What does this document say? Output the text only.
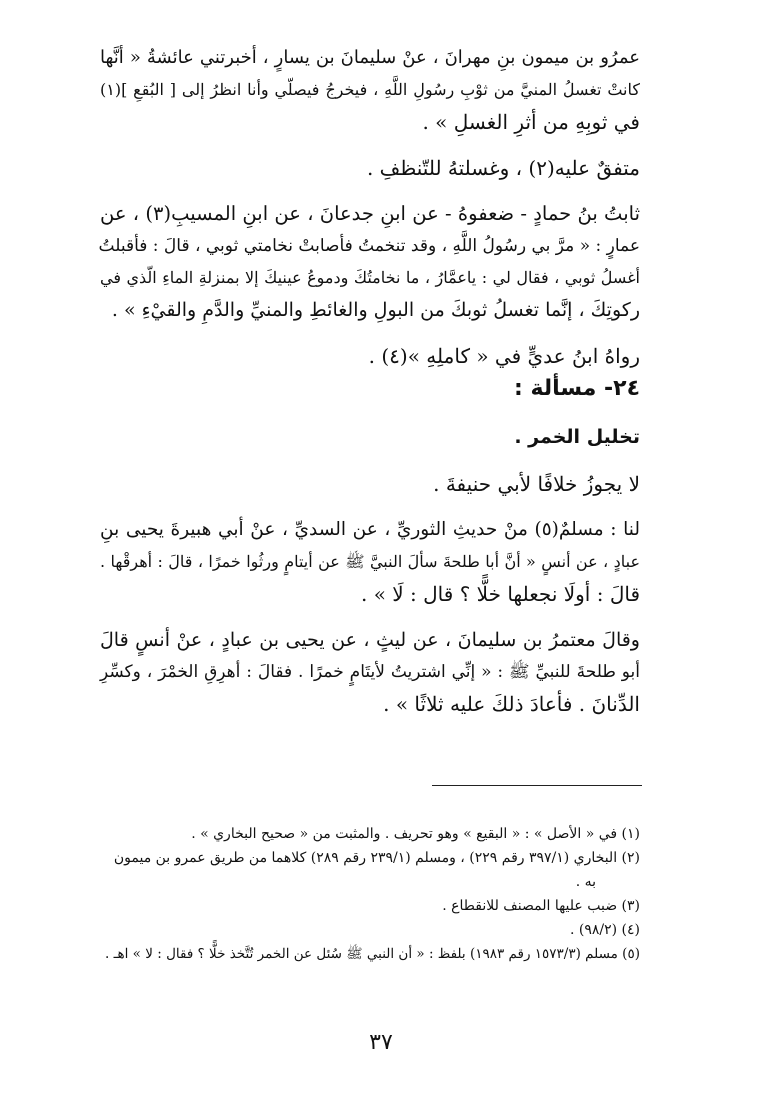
عمرُو بن ميمون بنِ مهرانَ ، عنْ سليمانَ بن يسارٍ ، أخبرتني عائشةُ « أنَّها
كانتْ تغسلُ المنيَّ من ثوْبِ رسُولِ اللَّهِ ، فيخرجُ فيصلّي وأنا انظرُ إلى [ البُقعِ ](١)
في ثوبِهِ من أثرِ الغسلِ » .
متفقٌ عليه(٢) ، وغسلتهُ للتّنظفِ .
ثابتُ بنُ حمادٍ - ضعفوهُ - عن ابنِ جدعانَ ، عن ابنِ المسيبِ(٣) ، عن
عمارٍ : « مرَّ بي رسُولُ اللَّهِ ، وقد تنخمتُ فأصابتْ نخامتي ثوبي ، قالَ : فأقبلتُ
أغسلُ ثوبي ، فقال لي : ياعمَّارُ ، ما نخامتُكَ ودموعُ عينيكَ إلا بمنزلةِ الماءِ الّذي في
ركوتِكَ ، إنَّما تغسلُ ثوبكَ من البولِ والغائطِ والمنيِّ والدَّمِ والقيْءِ » .
رواهُ ابنُ عديٍّ في « كاملِهِ »(٤) .
٢٤- مسألة :
تخليل الخمر .
لا يجوزُ خلافًا لأبي حنيفةَ .
لنا : مسلمٌ(٥) منْ حديثِ الثوريِّ ، عن السديِّ ، عنْ أبي هبيرةَ يحيى بنِ
عبادٍ ، عن أنسٍ « أنَّ أبا طلحةَ سألَ النبيَّ ﷺ عن أيتامٍ ورثُوا خمرًا ، قالَ : أهرقْها .
قالَ : أولَا نجعلها خلًّا ؟ قال : لَا » .
وقالَ معتمرُ بن سليمانَ ، عن ليثٍ ، عن يحيى بن عبادٍ ، عنْ أنسٍ قالَ
أبو طلحةَ للنبيِّ ﷺ : « إنِّي اشتريتُ لأيتَامٍ خمرًا . فقالَ : أهرِقِ الخمْرَ ، وكسِّرِ
الدِّنانَ . فأعادَ ذلكَ عليه ثلاثًا » .
(١) في « الأصل » : « البقيع » وهو تحريف . والمثبت من « صحيح البخاري » .
(٢) البخاري (٣٩٧/١ رقم ٢٢٩) ، ومسلم (٢٣٩/١ رقم ٢٨٩) كلاهما من طريق عمرو بن ميمون
به .
(٣) ضبب عليها المصنف للانقطاع .
(٤) (٩٨/٢) .
(٥) مسلم (١٥٧٣/٣ رقم ١٩٨٣) بلفظ : « أن النبي ﷺ سُئل عن الخمر تُتَّخذ خلًّا ؟ فقال : لا » اهـ .
٣٧
